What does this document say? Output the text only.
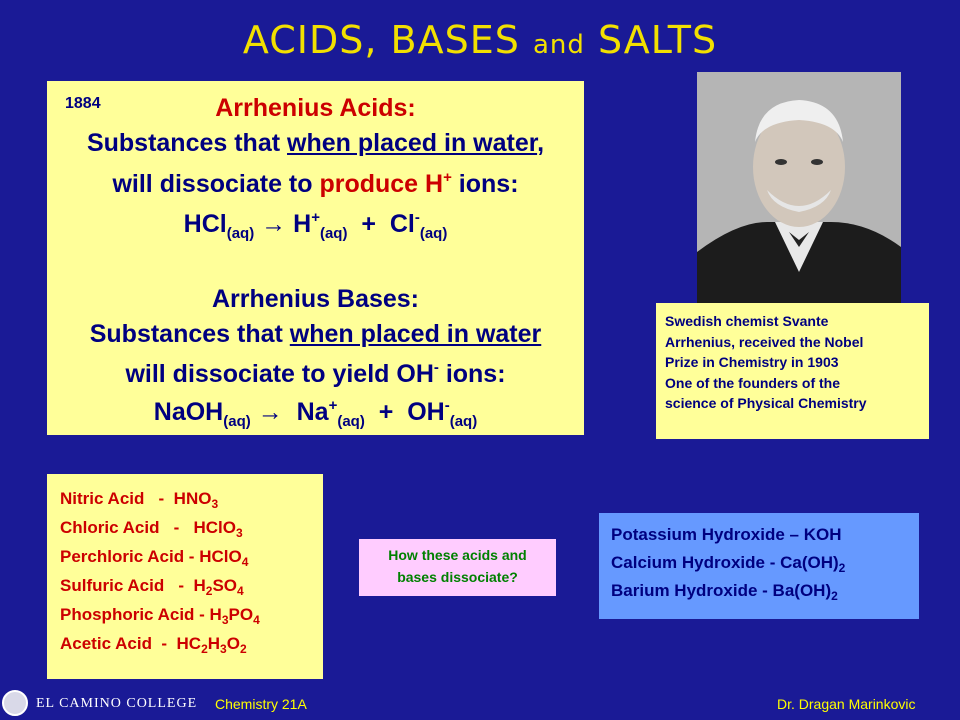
ACIDS, BASES and SALTS
1884	Arrhenius Acids:
Substances that when placed in water,
will dissociate to produce H+ ions:
$HCl_{(aq)} \to H^+_{(aq)} + Cl^-_{(aq)}$
Arrhenius Bases:
Substances that when placed in water
will dissociate to yield OH- ions:
NaOH$_{(aq)}$ →  $Na^+_{(aq)} + OH^-_{(aq)}$
Swedish chemist Svante
Arrhenius, received the Nobel
Prize in Chemistry in 1903
One of the founders of the
science of Physical Chemistry
Nitric Acid   -  $HNO_3$
Chloric Acid   -   HClO$_3$
Perchloric Acid - HClO$_4$
Sulfuric Acid   -  $H_2SO_4$
Phosphoric Acid - $H_3PO_4$
Acetic Acid  -  $HC_2H_3O_2$
How these acids and
bases dissociate?
Potassium Hydroxide – KOH
Calcium Hydroxide - $Ca(OH)_2$
Barium Hydroxide - $Ba(OH)_2$
EL CAMINO COLLEGE Chemistry 21A	Dr. Dragan Marinkovic
